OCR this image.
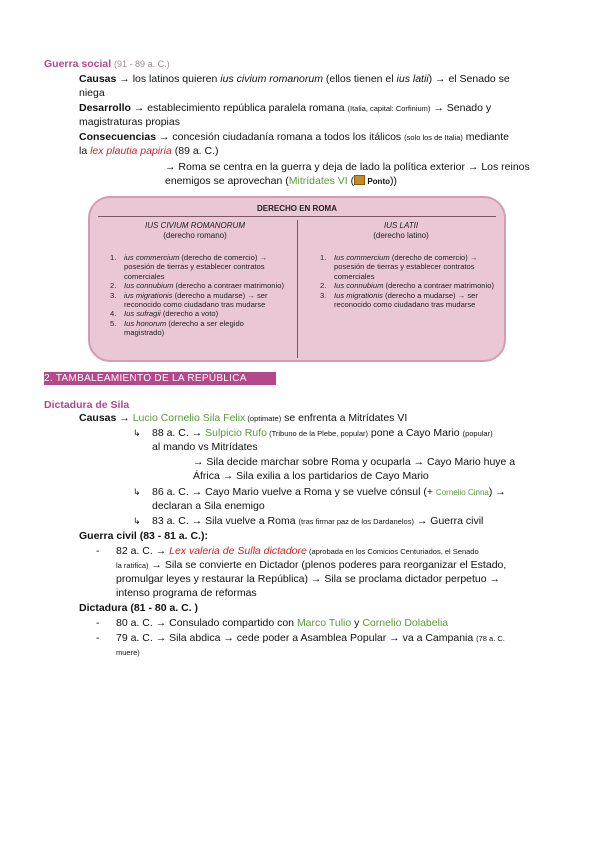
Guerra social (91 - 89 a. C.)
Causas → los latinos quieren ius civium romanorum (ellos tienen el ius latii) → el Senado se
niega
Desarrollo → establecimiento república paralela romana (Italia, capital: Corfinium) → Senado y
magistraturas propias
Consecuencias → concesión ciudadanía romana a todos los itálicos (solo los de Italia) mediante
la lex plautia papiria (89 a. C.)
→ Roma se centra en la guerra y deja de lado la política exterior → Los reinos
enemigos se aprovechan (Mitrídates VI ( Ponto))
DERECHO EN ROMA
IUS CIVIUM ROMANORUM
(derecho romano)
IUS LATII
(derecho latino)
1. ius commercium (derecho de comercio) → posesión de tierras y establecer contratos comerciales
2. Ius connubium (derecho a contraer matrimonio)
3. ius migrationis (derecho a mudarse) → ser reconocido como ciudadano tras mudarse
4. Ius sufragii (derecho a voto)
5. Ius honorum (derecho a ser elegido magistrado)
1. Ius commercium (derecho de comercio) → posesión de tierras y establecer contratos comerciales
2. Ius connubium (derecho a contraer matrimonio)
3. Ius migrationis (derecho a mudarse) → ser reconocido como ciudadano tras mudarse
2. TAMBALEAMIENTO DE LA REPÚBLICA
Dictadura de Sila
Causas → Lucio Cornelio Sila Felix (optimate) se enfrenta a Mitrídates VI
↳ 88 a. C. → Sulpicio Rufo (Tribuno de la Plebe, popular) pone a Cayo Mario (popular)
al mando vs Mitrídates
→ Sila decide marchar sobre Roma y ocuparla → Cayo Mario huye a
África → Sila exilia a los partidarios de Cayo Mario
↳ 86 a. C. → Cayo Mario vuelve a Roma y se vuelve cónsul (+ Cornelio Cinna) →
declaran a Sila enemigo
↳ 83 a. C. → Sila vuelve a Roma (tras firmar paz de los Dardanelos) → Guerra civil
Guerra civil (83 - 81 a. C.):
- 82 a. C. → Lex valeria de Sulla dictadore (aprobada en los Comicios Centuriados, el Senado
la ratifica) → Sila se convierte en Dictador (plenos poderes para reorganizar el Estado,
promulgar leyes y restaurar la República) → Sila se proclama dictador perpetuo →
intenso programa de reformas
Dictadura (81 - 80 a. C. )
- 80 a. C. → Consulado compartido con Marco Tulio y Cornelio Dolabelia
- 79 a. C. → Sila abdica → cede poder a Asamblea Popular → va a Campania (78 a. C.
muere)
